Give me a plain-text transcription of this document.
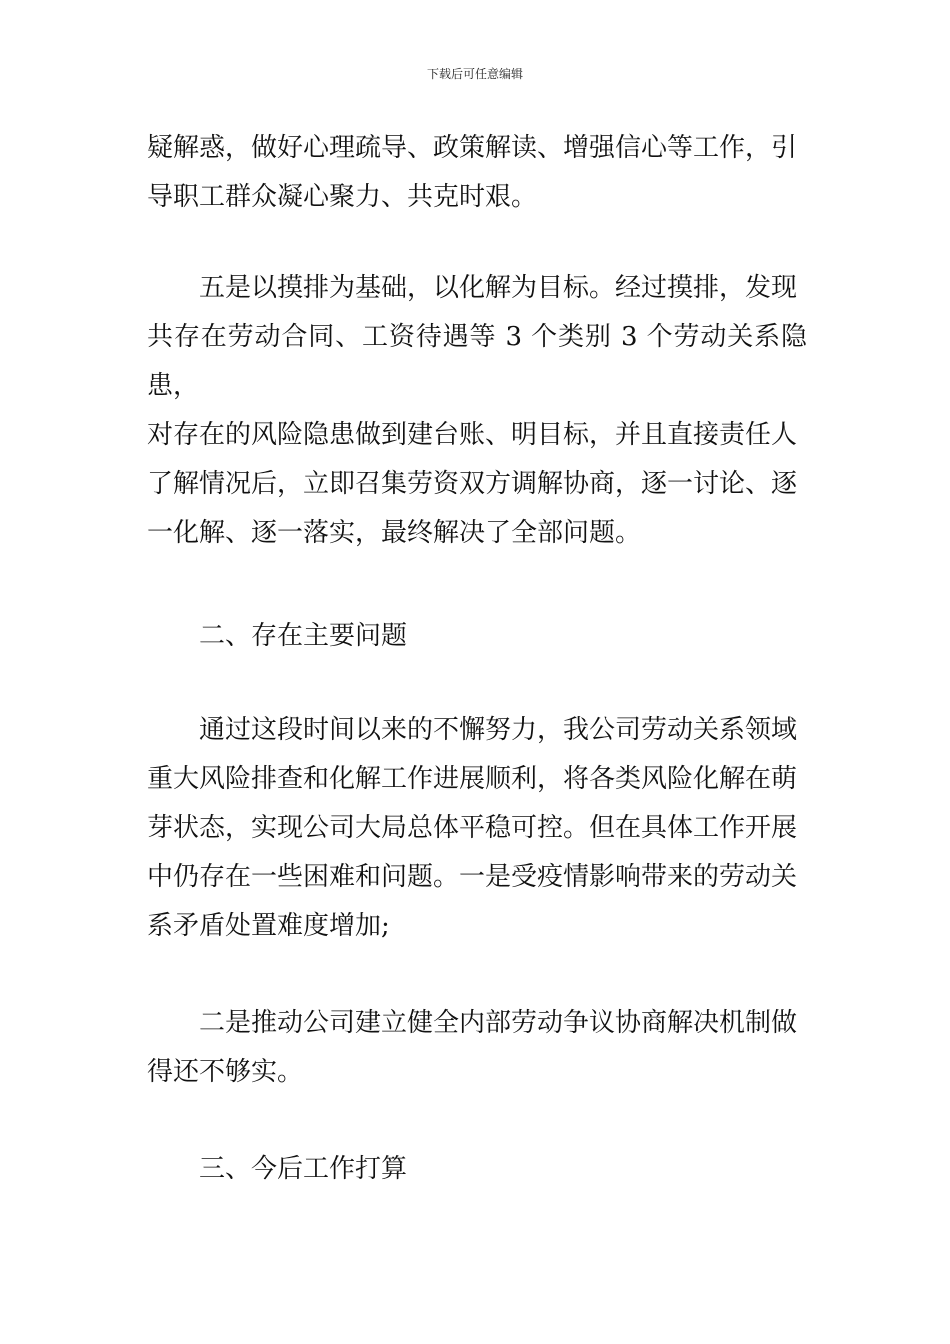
下载后可任意编辑

疑解惑，做好心理疏导、政策解读、增强信心等工作，引
导职工群众凝心聚力、共克时艰。

五是以摸排为基础，以化解为目标。经过摸排，发现
共存在劳动合同、工资待遇等 3 个类别 3 个劳动关系隐患，
对存在的风险隐患做到建台账、明目标，并且直接责任人
了解情况后，立即召集劳资双方调解协商，逐一讨论、逐
一化解、逐一落实，最终解决了全部问题。

二、存在主要问题

通过这段时间以来的不懈努力，我公司劳动关系领域
重大风险排查和化解工作进展顺利，将各类风险化解在萌
芽状态，实现公司大局总体平稳可控。但在具体工作开展
中仍存在一些困难和问题。一是受疫情影响带来的劳动关
系矛盾处置难度增加;

二是推动公司建立健全内部劳动争议协商解决机制做
得还不够实。

三、今后工作打算
